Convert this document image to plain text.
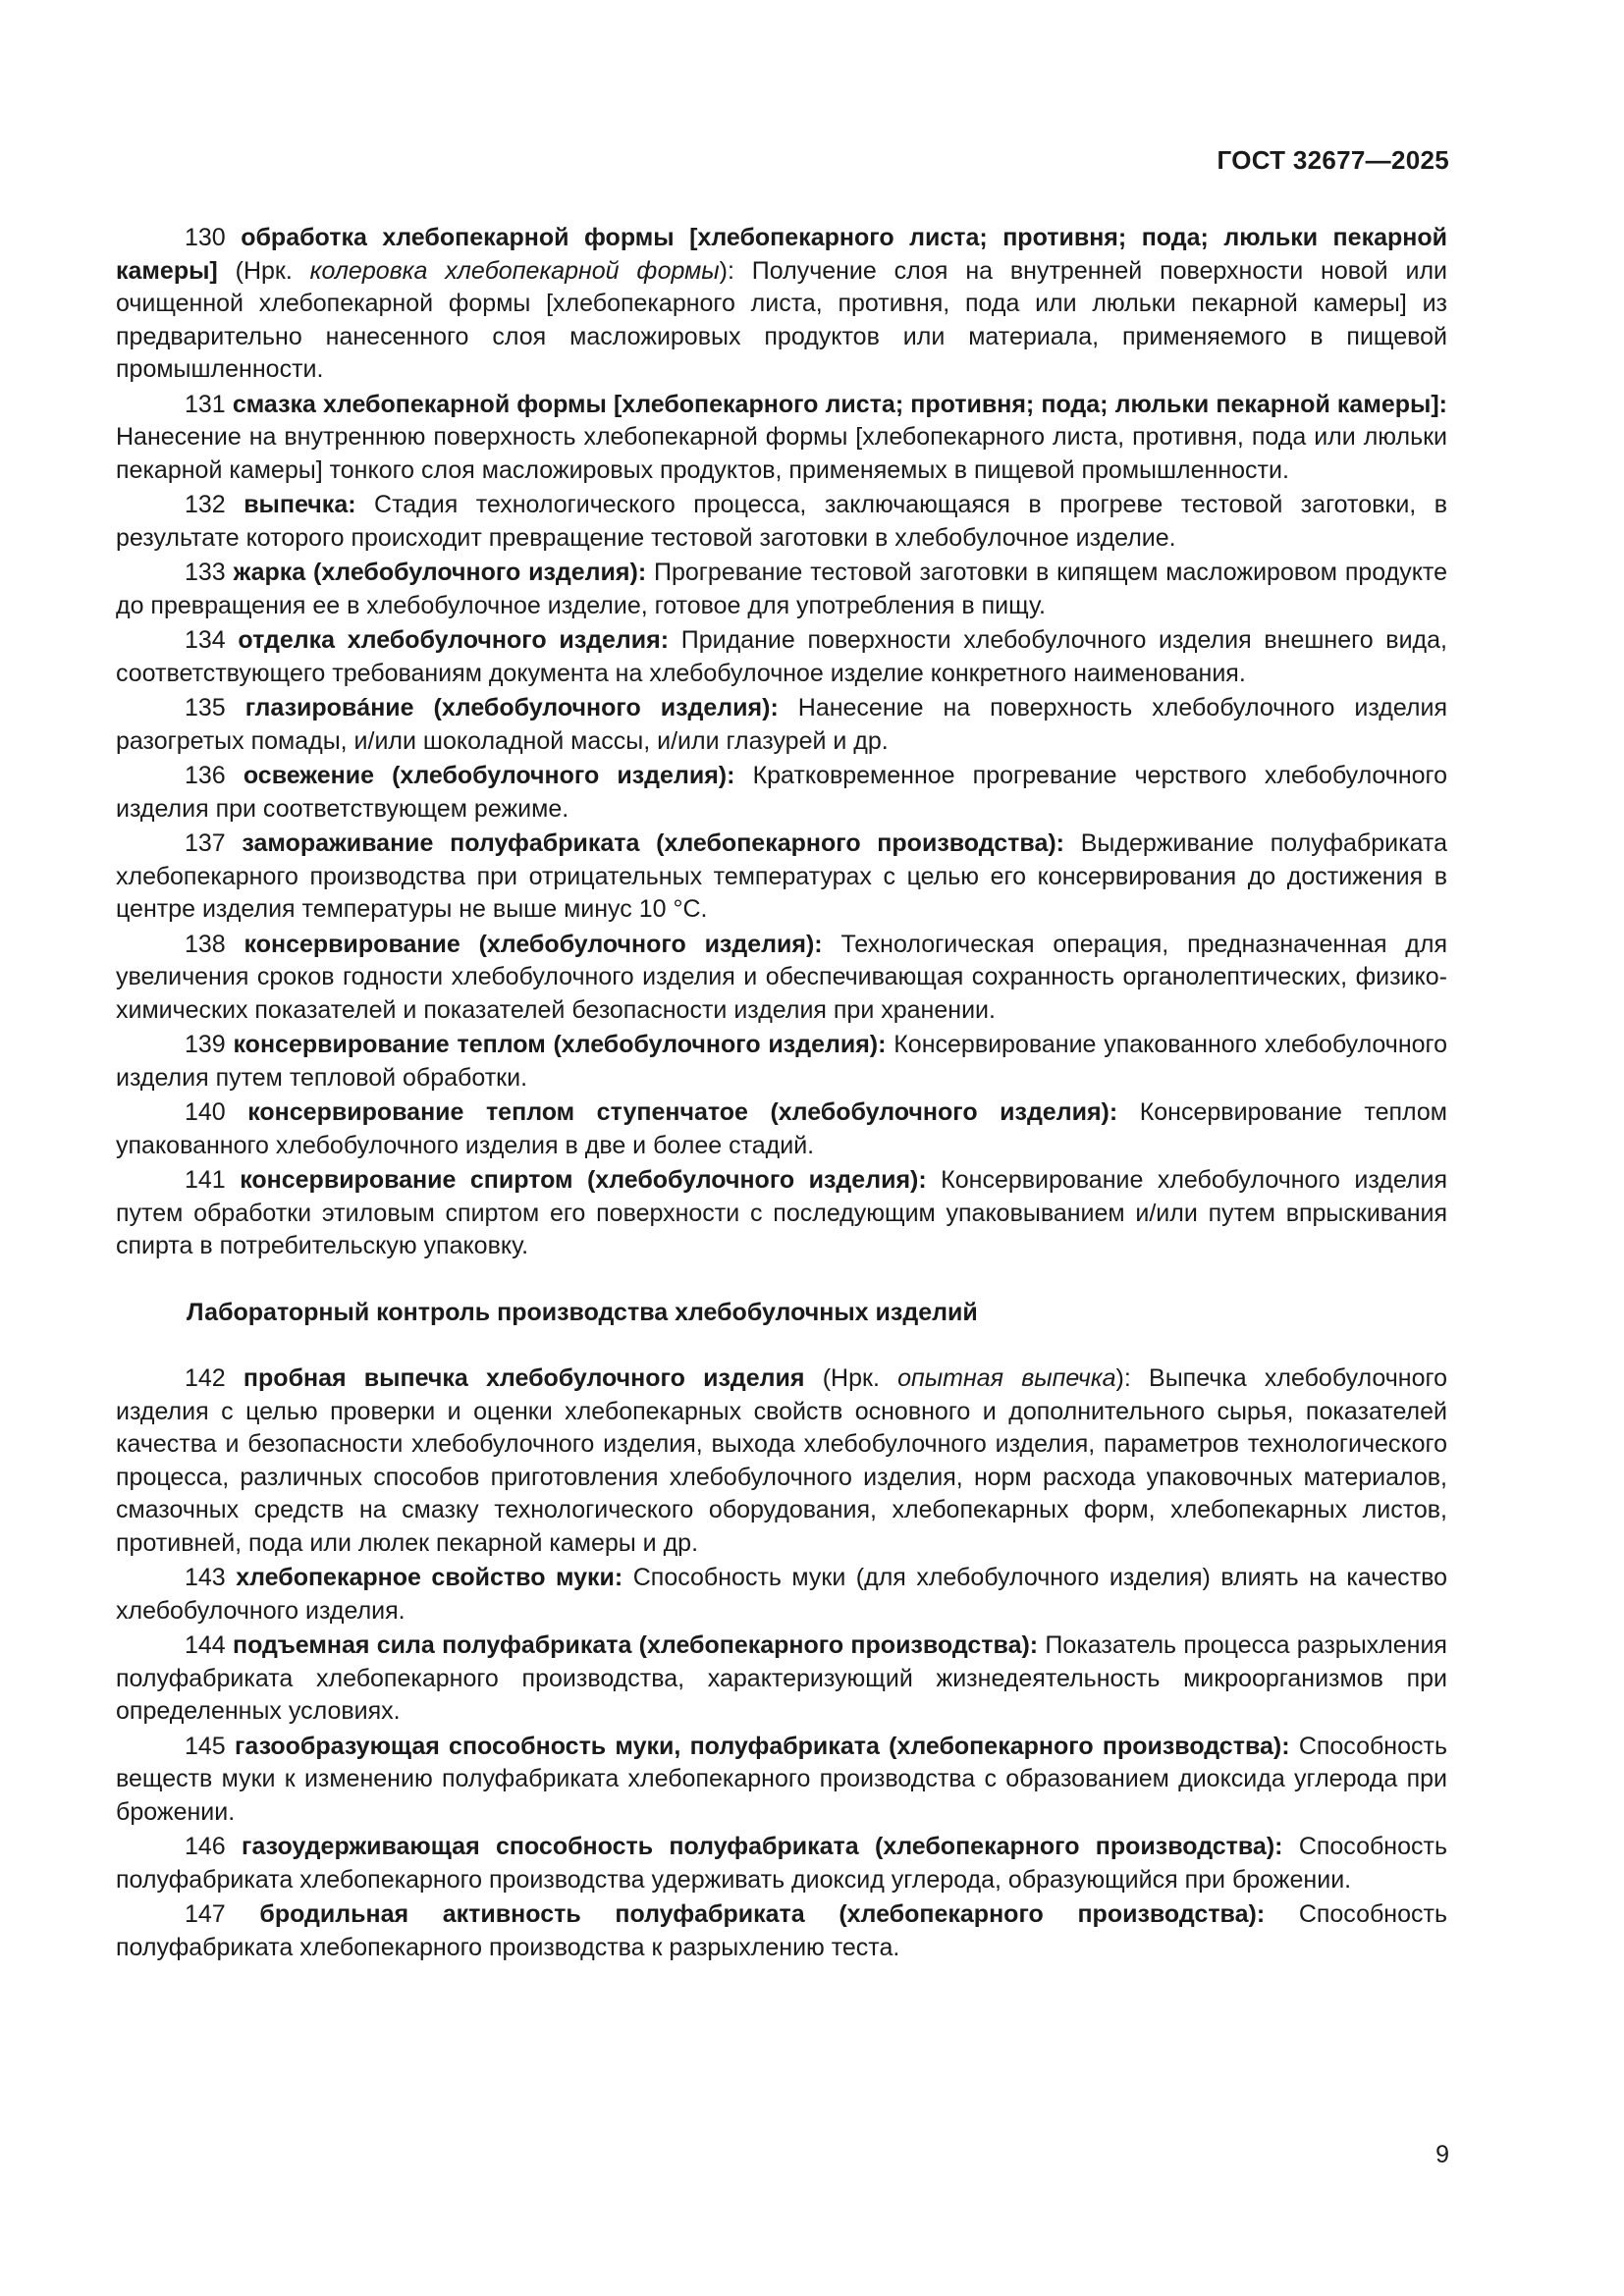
ГОСТ 32677—2025

130 обработка хлебопекарной формы [хлебопекарного листа; противня; пода; люльки пекарной камеры] (Нрк. колеровка хлебопекарной формы): Получение слоя на внутренней поверхности новой или очищенной хлебопекарной формы [хлебопекарного листа, противня, пода или люльки пекарной камеры] из предварительно нанесенного слоя масложировых продуктов или материала, применяемого в пищевой промышленности.

131 смазка хлебопекарной формы [хлебопекарного листа; противня; пода; люльки пекарной камеры]: Нанесение на внутреннюю поверхность хлебопекарной формы [хлебопекарного листа, противня, пода или люльки пекарной камеры] тонкого слоя масложировых продуктов, применяемых в пищевой промышленности.

132 выпечка: Стадия технологического процесса, заключающаяся в прогреве тестовой заготовки, в результате которого происходит превращение тестовой заготовки в хлебобулочное изделие.

133 жарка (хлебобулочного изделия): Прогревание тестовой заготовки в кипящем масложировом продукте до превращения ее в хлебобулочное изделие, готовое для употребления в пищу.

134 отделка хлебобулочного изделия: Придание поверхности хлебобулочного изделия внешнего вида, соответствующего требованиям документа на хлебобулочное изделие конкретного наименования.

135 глазировáние (хлебобулочного изделия): Нанесение на поверхность хлебобулочного изделия разогретых помады, и/или шоколадной массы, и/или глазурей и др.

136 освежение (хлебобулочного изделия): Кратковременное прогревание черствого хлебобулочного изделия при соответствующем режиме.

137 замораживание полуфабриката (хлебопекарного производства): Выдерживание полуфабриката хлебопекарного производства при отрицательных температурах с целью его консервирования до достижения в центре изделия температуры не выше минус 10 °С.

138 консервирование (хлебобулочного изделия): Технологическая операция, предназначенная для увеличения сроков годности хлебобулочного изделия и обеспечивающая сохранность органолептических, физико-химических показателей и показателей безопасности изделия при хранении.

139 консервирование теплом (хлебобулочного изделия): Консервирование упакованного хлебобулочного изделия путем тепловой обработки.

140 консервирование теплом ступенчатое (хлебобулочного изделия): Консервирование теплом упакованного хлебобулочного изделия в две и более стадий.

141 консервирование спиртом (хлебобулочного изделия): Консервирование хлебобулочного изделия путем обработки этиловым спиртом его поверхности с последующим упаковыванием и/или путем впрыскивания спирта в потребительскую упаковку.

Лабораторный контроль производства хлебобулочных изделий

142 пробная выпечка хлебобулочного изделия (Нрк. опытная выпечка): Выпечка хлебобулочного изделия с целью проверки и оценки хлебопекарных свойств основного и дополнительного сырья, показателей качества и безопасности хлебобулочного изделия, выхода хлебобулочного изделия, параметров технологического процесса, различных способов приготовления хлебобулочного изделия, норм расхода упаковочных материалов, смазочных средств на смазку технологического оборудования, хлебопекарных форм, хлебопекарных листов, противней, пода или люлек пекарной камеры и др.

143 хлебопекарное свойство муки: Способность муки (для хлебобулочного изделия) влиять на качество хлебобулочного изделия.

144 подъемная сила полуфабриката (хлебопекарного производства): Показатель процесса разрыхления полуфабриката хлебопекарного производства, характеризующий жизнедеятельность микроорганизмов при определенных условиях.

145 газообразующая способность муки, полуфабриката (хлебопекарного производства): Способность веществ муки к изменению полуфабриката хлебопекарного производства с образованием диоксида углерода при брожении.

146 газоудерживающая способность полуфабриката (хлебопекарного производства): Способность полуфабриката хлебопекарного производства удерживать диоксид углерода, образующийся при брожении.

147 бродильная активность полуфабриката (хлебопекарного производства): Способность полуфабриката хлебопекарного производства к разрыхлению теста.

9
